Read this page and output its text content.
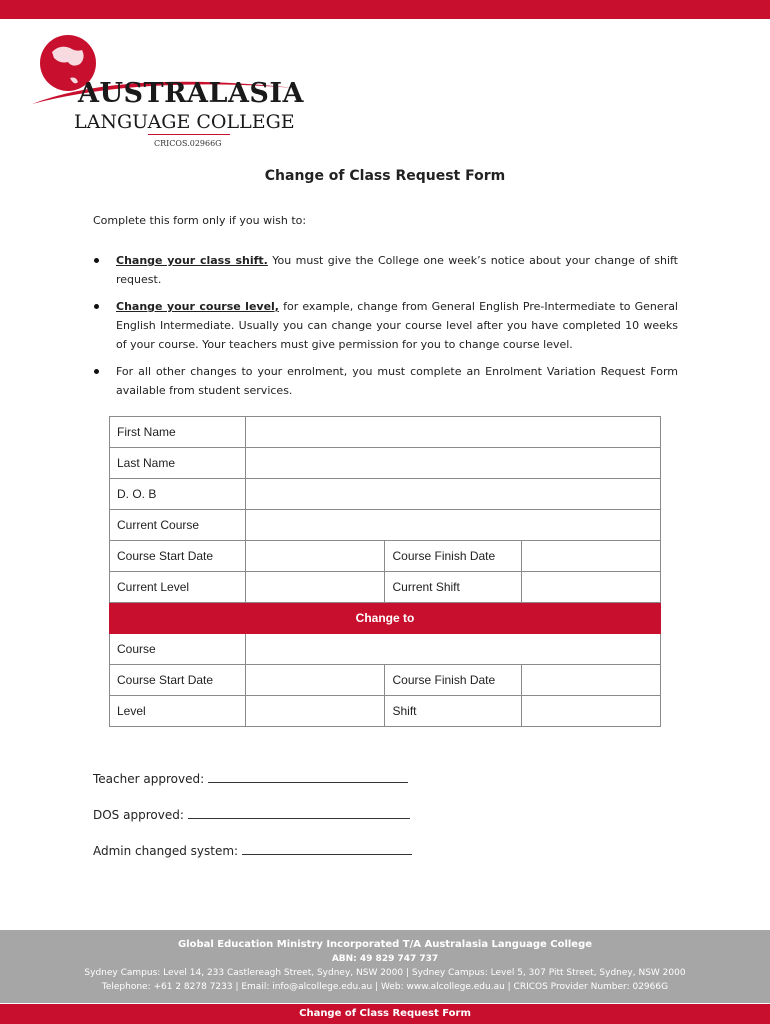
AUSTRALASIA
LANGUAGE COLLEGE
CRICOS.02966G
Change of Class Request Form
Complete this form only if you wish to:
Change your class shift. You must give the College one week’s notice about your change of shift request.
Change your course level, for example, change from General English Pre-Intermediate to General English Intermediate. Usually you can change your course level after you have completed 10 weeks of your course. Your teachers must give permission for you to change course level.
For all other changes to your enrolment, you must complete an Enrolment Variation Request Form available from student services.
First Name			
Last Name			
D. O. B			
Current Course			
Course Start Date		Course Finish Date	
Current Level		Current Shift	
Change to			
Course			
Course Start Date		Course Finish Date	
Level		Shift	
Teacher approved:
DOS approved:
Admin changed system:
Global Education Ministry Incorporated T/A Australasia Language College
ABN: 49 829 747 737
Sydney Campus: Level 14, 233 Castlereagh Street, Sydney, NSW 2000 | Sydney Campus: Level 5, 307 Pitt Street, Sydney, NSW 2000
Telephone: +61 2 8278 7233 | Email: info@alcollege.edu.au | Web: www.alcollege.edu.au | CRICOS Provider Number: 02966G
Change of Class Request Form
